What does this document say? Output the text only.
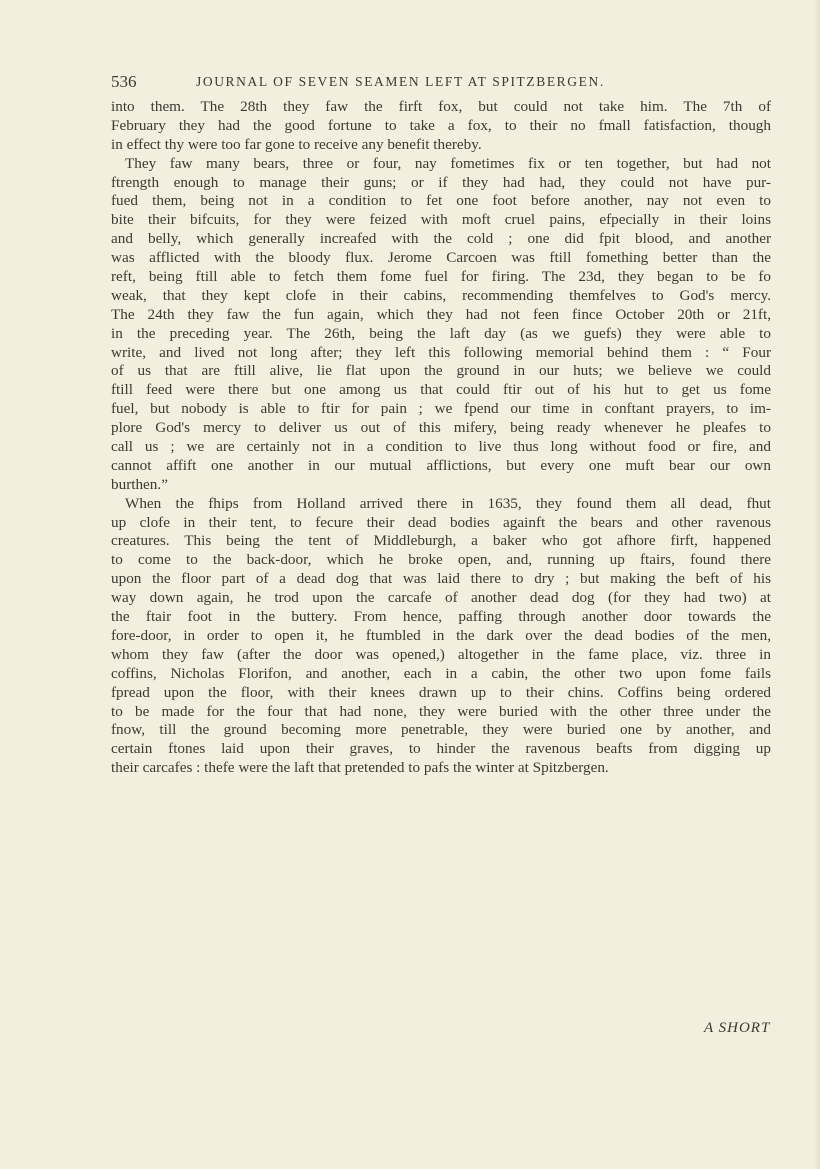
536	JOURNAL OF SEVEN SEAMEN LEFT AT SPITZBERGEN.
into them. The 28th they faw the firft fox, but could not take him. The 7th of
February they had the good fortune to take a fox, to their no fmall fatisfaction, though
in effect thy were too far gone to receive any benefit thereby.
They faw many bears, three or four, nay fometimes fix or ten together, but had not
ftrength enough to manage their guns; or if they had had, they could not have pur-
fued them, being not in a condition to fet one foot before another, nay not even to
bite their bifcuits, for they were feized with moft cruel pains, efpecially in their loins
and belly, which generally increafed with the cold ; one did fpit blood, and another
was afflicted with the bloody flux. Jerome Carcoen was ftill fomething better than the
reft, being ftill able to fetch them fome fuel for firing. The 23d, they began to be fo
weak, that they kept clofe in their cabins, recommending themfelves to God's mercy.
The 24th they faw the fun again, which they had not feen fince October 20th or 21ft,
in the preceding year. The 26th, being the laft day (as we guefs) they were able to
write, and lived not long after; they left this following memorial behind them : “ Four
of us that are ftill alive, lie flat upon the ground in our huts; we believe we could
ftill feed were there but one among us that could ftir out of his hut to get us fome
fuel, but nobody is able to ftir for pain ; we fpend our time in conftant prayers, to im-
plore God's mercy to deliver us out of this mifery, being ready whenever he pleafes to
call us ; we are certainly not in a condition to live thus long without food or fire, and
cannot affift one another in our mutual afflictions, but every one muft bear our own
burthen.”
When the fhips from Holland arrived there in 1635, they found them all dead, fhut
up clofe in their tent, to fecure their dead bodies againft the bears and other ravenous
creatures. This being the tent of Middleburgh, a baker who got afhore firft, happened
to come to the back-door, which he broke open, and, running up ftairs, found there
upon the floor part of a dead dog that was laid there to dry ; but making the beft of his
way down again, he trod upon the carcafe of another dead dog (for they had two) at
the ftair foot in the buttery. From hence, paffing through another door towards the
fore-door, in order to open it, he ftumbled in the dark over the dead bodies of the men,
whom they faw (after the door was opened,) altogether in the fame place, viz. three in
coffins, Nicholas Florifon, and another, each in a cabin, the other two upon fome fails
fpread upon the floor, with their knees drawn up to their chins. Coffins being ordered
to be made for the four that had none, they were buried with the other three under the
fnow, till the ground becoming more penetrable, they were buried one by another, and
certain ftones laid upon their graves, to hinder the ravenous beafts from digging up
their carcafes : thefe were the laft that pretended to pafs the winter at Spitzbergen.
A SHORT
